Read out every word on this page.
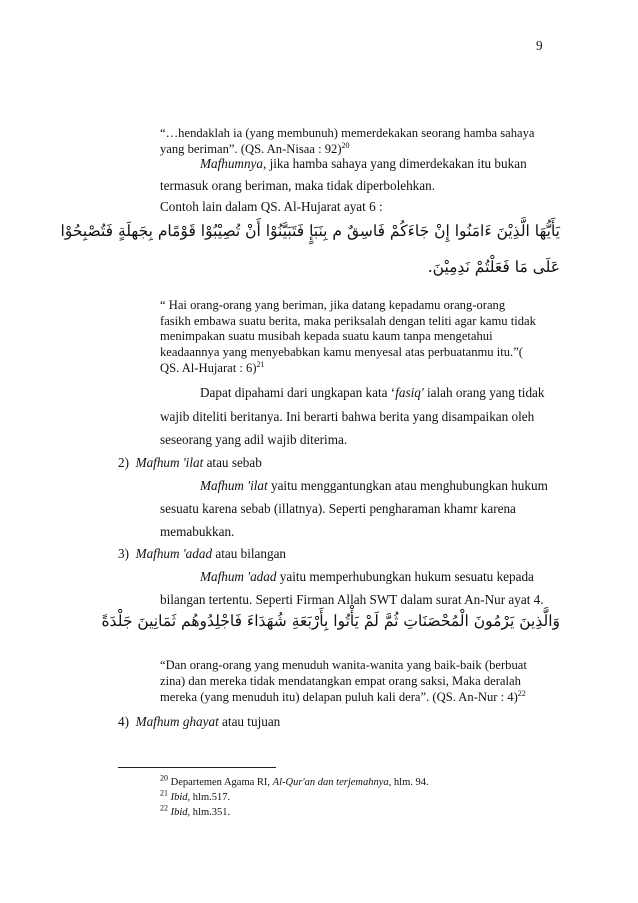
9
“…hendaklah ia (yang membunuh) memerdekakan seorang hamba sahaya
yang beriman”. (QS. An-Nisaa : 92)$^{20}$
Mafhumnya, jika hamba sahaya yang dimerdekakan itu bukan
termasuk orang beriman, maka tidak diperbolehkan.
Contoh lain dalam QS. Al-Hujarat ayat 6 :
يَأَيُّهَا الَّذِيْنَ ءَامَنُوا إِنْ جَاءَكُمْ فَاسِقٌ م بِنَبَإٍ فَتَبَيَّنُوْا أَنْ تُصِيْبُوْا قَوْمًام بِجَهلَةٍ فَتُصْبِحُوْا
عَلَى مَا فَعَلْتُمْ نَدِمِيْنَ.
“ Hai orang-orang yang beriman, jika datang kepadamu orang-orang
fasikh embawa suatu berita, maka periksalah dengan teliti agar kamu tidak
menimpakan suatu musibah kepada suatu kaum tanpa mengetahui
keadaannya yang menyebabkan kamu menyesal atas perbuatanmu itu.”(
QS. Al-Hujarat : 6)$^{21}$
Dapat dipahami dari ungkapan kata ‘fasiq' ialah orang yang tidak
wajib diteliti beritanya. Ini berarti bahwa berita yang disampaikan oleh
seseorang yang adil wajib diterima.
2) Mafhum 'ilat atau sebab
Mafhum 'ilat yaitu menggantungkan atau menghubungkan hukum
sesuatu karena sebab (illatnya). Seperti pengharaman khamr karena
memabukkan.
3) Mafhum 'adad atau bilangan
Mafhum 'adad yaitu memperhubungkan hukum sesuatu kepada
bilangan tertentu. Seperti Firman Allah SWT dalam surat An-Nur ayat 4.
وَالَّذِينَ يَرْمُونَ الْمُحْصَنَاتِ ثُمَّ لَمْ يَأْتُوا بِأَرْبَعَةِ شُهَدَاءَ فَاجْلِدُوهُم ثَمَانِينَ جَلْدَةً
“Dan orang-orang yang menuduh wanita-wanita yang baik-baik (berbuat
zina) dan mereka tidak mendatangkan empat orang saksi, Maka deralah
mereka (yang menuduh itu) delapan puluh kali dera”. (QS. An-Nur : 4)$^{22}$
4) Mafhum ghayat atau tujuan
$^{20}$ Departemen Agama RI, Al-Qur'an dan terjemahnya, hlm. 94.
$^{21}$ Ibid, hlm.517.
$^{22}$ Ibid, hlm.351.
